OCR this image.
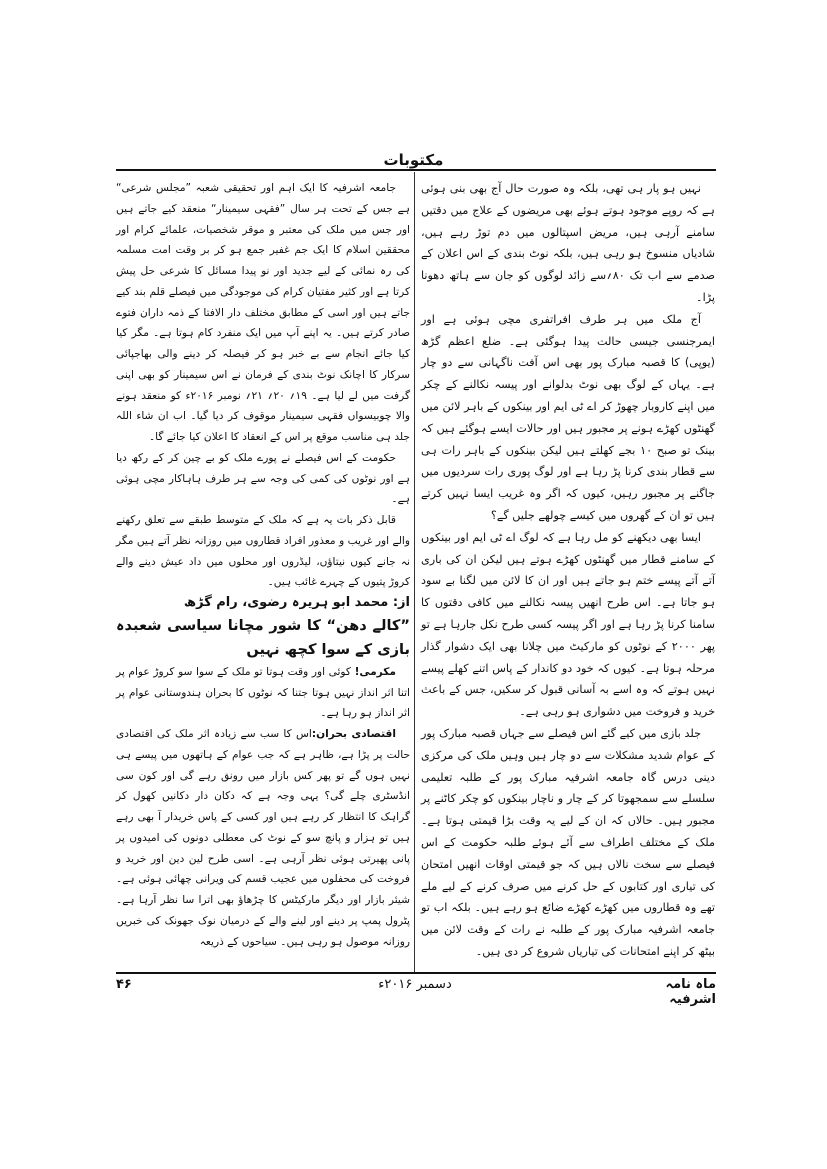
مکتوبات

نہیں ہو پار ہی تھی، بلکہ وہ صورت حال آج بھی بنی ہوئی ہے کہ روپے موجود ہوتے ہوئے بھی مریضوں کے علاج میں دقتیں سامنے آرہی ہیں، مریض اسپتالوں میں دم توڑ رہے ہیں، شادیاں منسوخ ہو رہی ہیں، بلکہ نوٹ بندی کے اس اعلان کے صدمے سے اب تک ۸۰؍سے زائد لوگوں کو جان سے ہاتھ دھونا پڑا۔

آج ملک میں ہر طرف افراتفری مچی ہوئی ہے اور ایمرجنسی جیسی حالت پیدا ہوگئی ہے۔ ضلع اعظم گڑھ (یوپی) کا قصبہ مبارک پور بھی اس آفت ناگہانی سے دو چار ہے۔ یہاں کے لوگ بھی نوٹ بدلوانے اور پیسہ نکالنے کے چکر میں اپنے کاروبار چھوڑ کر اے ٹی ایم اور بینکوں کے باہر لائن میں گھنٹوں کھڑے ہونے پر مجبور ہیں اور حالات ایسے ہوگئے ہیں کہ بینک تو صبح ۱۰ بجے کھلتے ہیں لیکن بینکوں کے باہر رات ہی سے قطار بندی کرنا پڑ رہا ہے اور لوگ پوری رات سردیوں میں جاگنے پر مجبور رہیں، کیوں کہ اگر وہ غریب ایسا نہیں کرتے ہیں تو ان کے گھروں میں کیسے چولھے جلیں گے؟

ایسا بھی دیکھنے کو مل رہا ہے کہ لوگ اے ٹی ایم اور بینکوں کے سامنے قطار میں گھنٹوں کھڑے ہوتے ہیں لیکن ان کی باری آتے آتے پیسے ختم ہو جاتے ہیں اور ان کا لائن میں لگنا بے سود ہو جاتا ہے۔ اس طرح انھیں پیسہ نکالنے میں کافی دقتوں کا سامنا کرنا پڑ رہا ہے اور اگر پیسہ کسی طرح نکل جارہا ہے تو پھر ۲۰۰۰ کے نوٹوں کو مارکیٹ میں چلانا بھی ایک دشوار گذار مرحلہ ہوتا ہے۔ کیوں کہ خود دو کاندار کے پاس اتنے کھلے پیسے نہیں ہوتے کہ وہ اسے بہ آسانی قبول کر سکیں، جس کے باعث خرید و فروخت میں دشواری ہو رہی ہے۔

جلد بازی میں کیے گئے اس فیصلے سے جہاں قصبہ مبارک پور کے عوام شدید مشکلات سے دو چار ہیں وہیں ملک کی مرکزی دینی درس گاہ جامعہ اشرفیہ مبارک پور کے طلبہ تعلیمی سلسلے سے سمجھوتا کر کے چار و ناچار بینکوں کو چکر کاٹنے پر مجبور ہیں۔ حالاں کہ ان کے لیے یہ وقت بڑا قیمتی ہوتا ہے۔ ملک کے مختلف اطراف سے آئے ہوئے طلبہ حکومت کے اس فیصلے سے سخت نالاں ہیں کہ جو قیمتی اوقات انھیں امتحان کی تیاری اور کتابوں کے حل کرنے میں صرف کرنے کے لیے ملے تھے وہ قطاروں میں کھڑے کھڑے ضائع ہو رہے ہیں۔ بلکہ اب تو جامعہ اشرفیہ مبارک پور کے طلبہ نے رات کے وقت لائن میں بیٹھ کر اپنے امتحانات کی تیاریاں شروع کر دی ہیں۔

جامعہ اشرفیہ کا ایک اہم اور تحقیقی شعبہ ”مجلس شرعی“ ہے جس کے تحت ہر سال ”فقہی سیمینار“ منعقد کیے جاتے ہیں اور جس میں ملک کی معتبر و موقر شخصیات، علمائے کرام اور محققین اسلام کا ایک جم غفیر جمع ہو کر بر وقت امت مسلمہ کی رہ نمائی کے لیے جدید اور نو پیدا مسائل کا شرعی حل پیش کرتا ہے اور کثیر مفتیان کرام کی موجودگی میں فیصلے قلم بند کیے جاتے ہیں اور اسی کے مطابق مختلف دار الافتا کے ذمہ داران فتوے صادر کرتے ہیں۔ یہ اپنے آپ میں ایک منفرد کام ہوتا ہے۔ مگر کیا کیا جائے انجام سے بے خبر ہو کر فیصلہ کر دینے والی بھاجپائی سرکار کا اچانک نوٹ بندی کے فرمان نے اس سیمینار کو بھی اپنی گرفت میں لے لیا ہے۔ ۱۹؍ ۲۰؍ ۲۱؍ نومبر ۲۰۱۶ء کو منعقد ہونے والا چوبیسواں فقہی سیمینار موقوف کر دیا گیا۔ اب ان شاء اللہ جلد ہی مناسب موقع پر اس کے انعقاد کا اعلان کیا جائے گا۔

حکومت کے اس فیصلے نے پورے ملک کو بے چین کر کے رکھ دیا ہے اور نوٹوں کی کمی کی وجہ سے ہر طرف ہاہاکار مچی ہوئی ہے۔

قابل ذکر بات یہ ہے کہ ملک کے متوسط طبقے سے تعلق رکھنے والے اور غریب و معذور افراد قطاروں میں روزانہ نظر آتے ہیں مگر نہ جانے کیوں نیتاؤں، لیڈروں اور محلوں میں داد عیش دینے والے کروڑ پتیوں کے چہرے غائب ہیں۔

از: محمد ابو ہریرہ رضوی، رام گڑھ

”کالے دھن“ کا شور مچانا سیاسی شعبدہ بازی کے سوا کچھ نہیں

مکرمی! کوئی اور وقت ہوتا تو ملک کے سوا سو کروڑ عوام پر اتنا اثر انداز نہیں ہوتا جتنا کہ نوٹوں کا بحران ہندوستانی عوام پر اثر انداز ہو رہا ہے۔

اقتصادی بحران:اس کا سب سے زیادہ اثر ملک کی اقتصادی حالت پر پڑا ہے، ظاہر ہے کہ جب عوام کے ہاتھوں میں پیسے ہی نہیں ہوں گے تو پھر کس بازار میں رونق رہے گی اور کون سی انڈسٹری چلے گی؟ یہی وجہ ہے کہ دکان دار دکانیں کھول کر گراہک کا انتظار کر رہے ہیں اور کسی کے پاس خریدار آ بھی رہے ہیں تو ہزار و پانچ سو کے نوٹ کی معطلی دونوں کی امیدوں پر پانی پھیرتی ہوئی نظر آرہی ہے۔ اسی طرح لین دین اور خرید و فروخت کی محفلوں میں عجیب قسم کی ویرانی چھائی ہوئی ہے۔ شیئر بازار اور دیگر مارکیٹس کا چڑھاؤ بھی اترا سا نظر آرہا ہے۔ پٹرول پمپ پر دینے اور لینے والے کے درمیان نوک جھونک کی خبریں روزانہ موصول ہو رہی ہیں۔ سیاحوں کے ذریعہ

ماہ نامہ اشرفیہ
دسمبر ۲۰۱۶ء
۴۶
